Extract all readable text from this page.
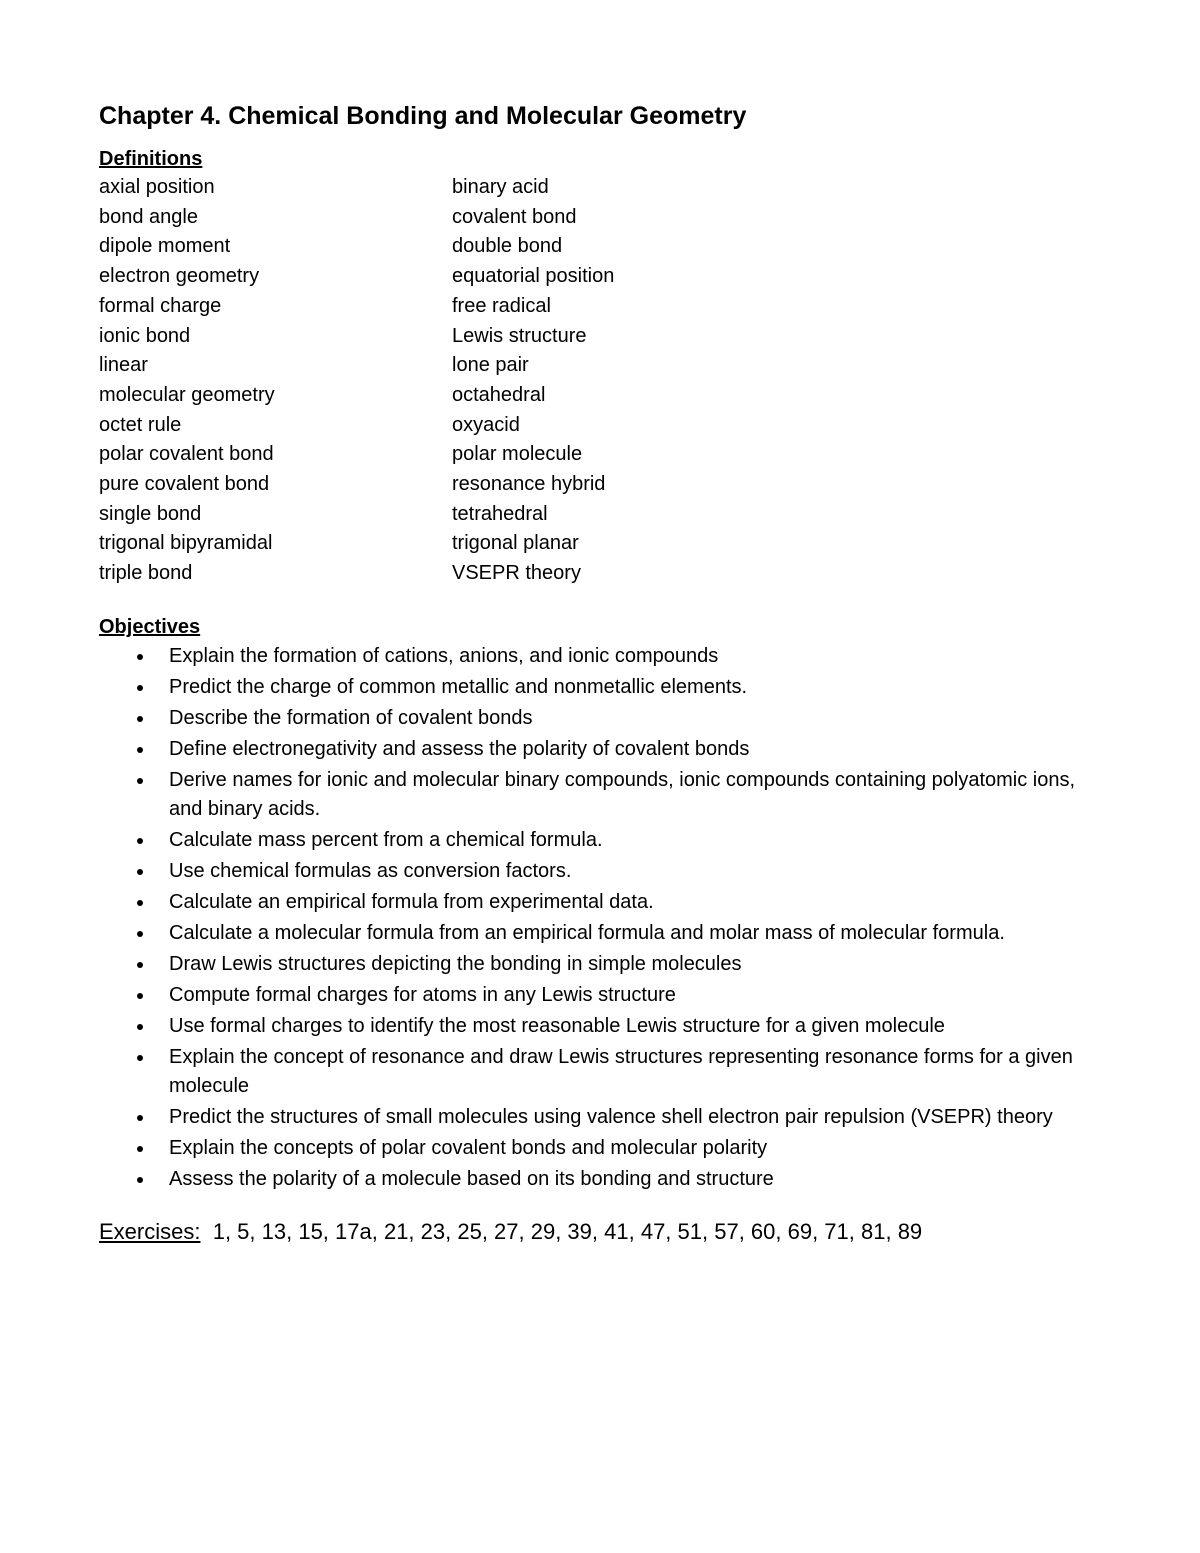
Chapter 4. Chemical Bonding and Molecular Geometry
Definitions
axial position	binary acid
bond angle	covalent bond
dipole moment	double bond
electron geometry	equatorial position
formal charge	free radical
ionic bond	Lewis structure
linear	lone pair
molecular geometry	octahedral
octet rule	oxyacid
polar covalent bond	polar molecule
pure covalent bond	resonance hybrid
single bond	tetrahedral
trigonal bipyramidal	trigonal planar
triple bond	VSEPR theory
Objectives
Explain the formation of cations, anions, and ionic compounds
Predict the charge of common metallic and nonmetallic elements.
Describe the formation of covalent bonds
Define electronegativity and assess the polarity of covalent bonds
Derive names for ionic and molecular binary compounds, ionic compounds containing polyatomic ions, and binary acids.
Calculate mass percent from a chemical formula.
Use chemical formulas as conversion factors.
Calculate an empirical formula from experimental data.
Calculate a molecular formula from an empirical formula and molar mass of molecular formula.
Draw Lewis structures depicting the bonding in simple molecules
Compute formal charges for atoms in any Lewis structure
Use formal charges to identify the most reasonable Lewis structure for a given molecule
Explain the concept of resonance and draw Lewis structures representing resonance forms for a given molecule
Predict the structures of small molecules using valence shell electron pair repulsion (VSEPR) theory
Explain the concepts of polar covalent bonds and molecular polarity
Assess the polarity of a molecule based on its bonding and structure
Exercises: 1, 5, 13, 15, 17a, 21, 23, 25, 27, 29, 39, 41, 47, 51, 57, 60, 69, 71, 81, 89
